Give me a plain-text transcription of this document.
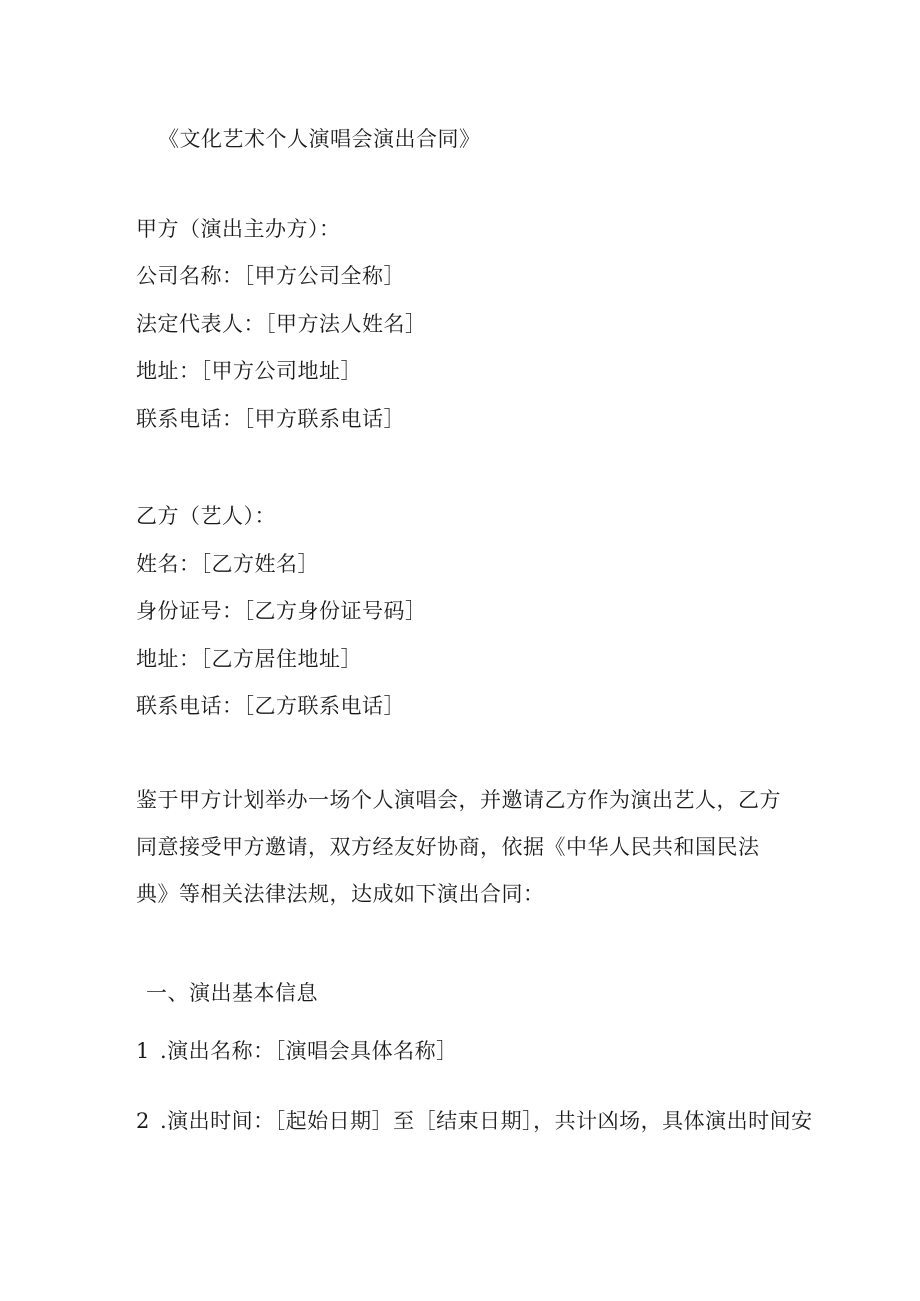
《文化艺术个人演唱会演出合同》
甲方（演出主办方）：
公司名称：［甲方公司全称］
法定代表人：［甲方法人姓名］
地址：［甲方公司地址］
联系电话：［甲方联系电话］
乙方（艺人）：
姓名：［乙方姓名］
身份证号：［乙方身份证号码］
地址：［乙方居住地址］
联系电话：［乙方联系电话］
鉴于甲方计划举办一场个人演唱会，并邀请乙方作为演出艺人，乙方同意接受甲方邀请，双方经友好协商，依据《中华人民共和国民法典》等相关法律法规，达成如下演出合同：
一、演出基本信息
1 .演出名称：［演唱会具体名称］
2 .演出时间：［起始日期］至［结束日期］，共计凶场，具体演出时间安
